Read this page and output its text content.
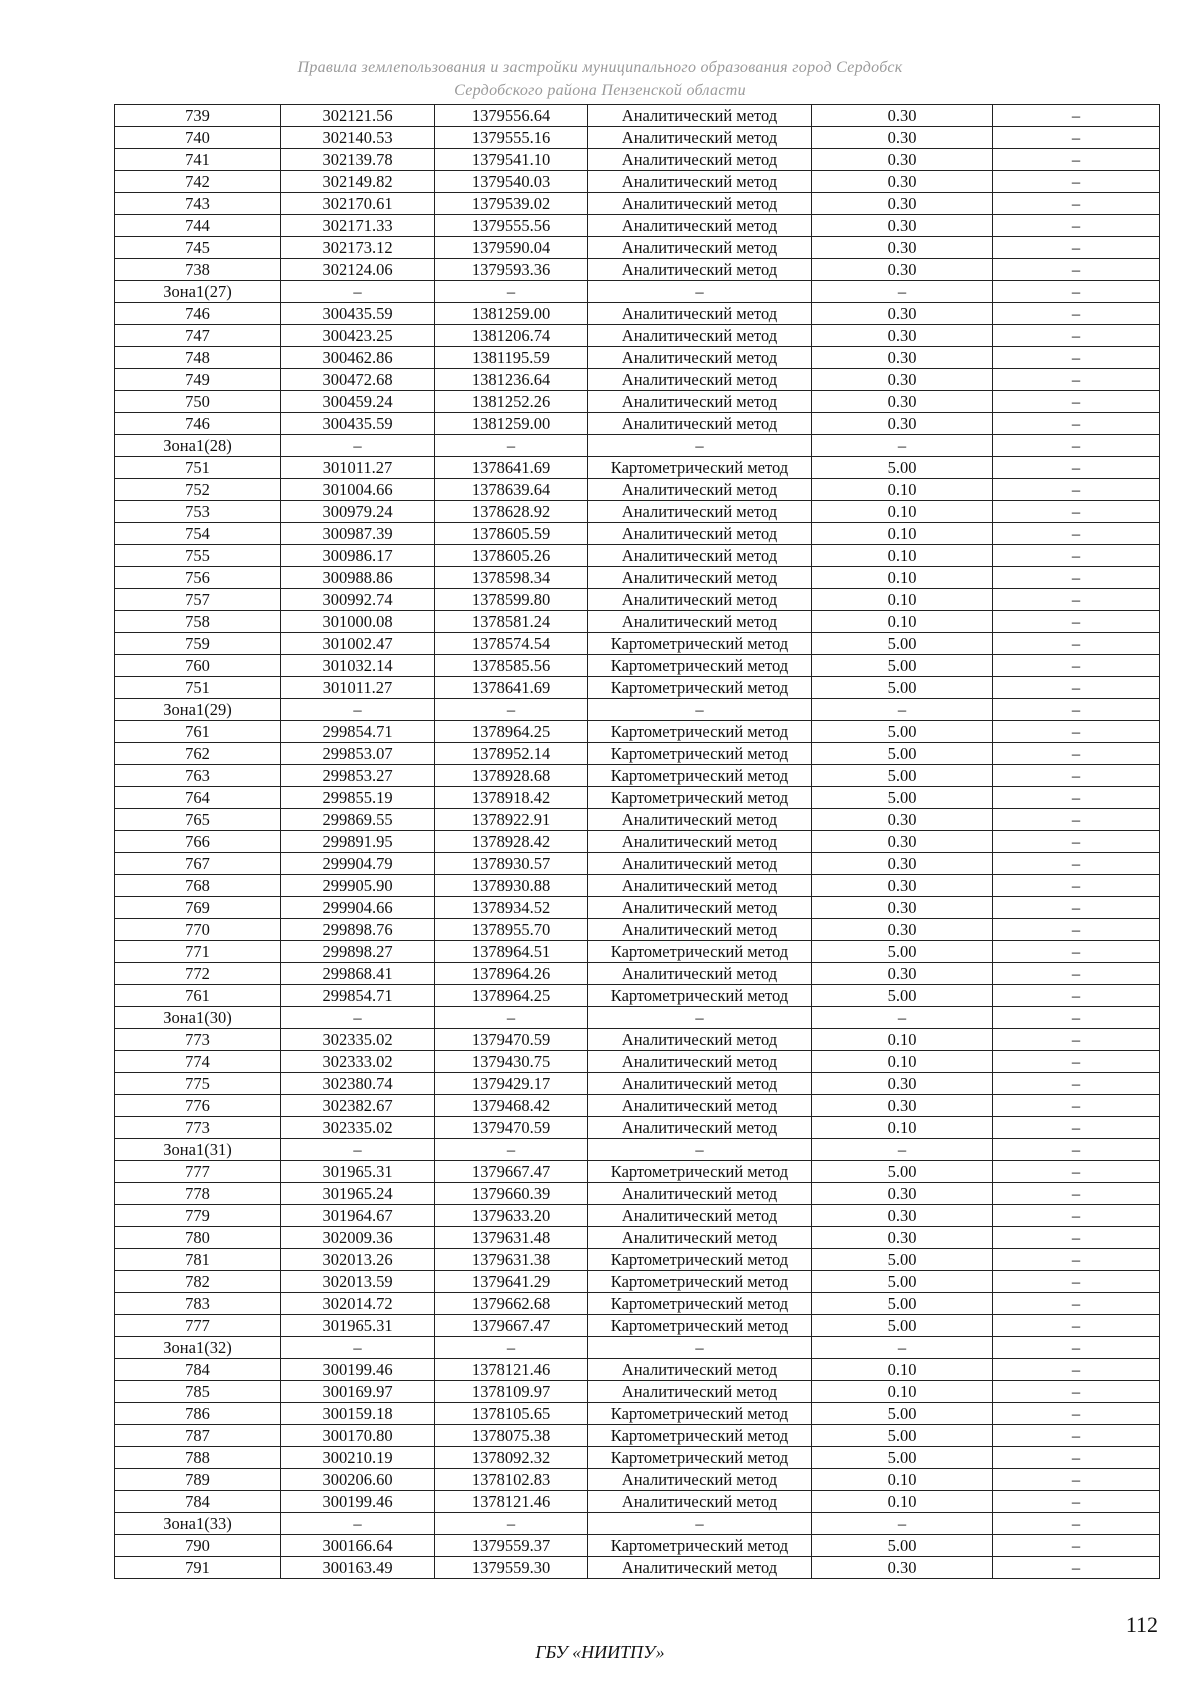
Правила землепользования и застройки муниципального образования город Сердобск
Сердобского района Пензенской области
739	302121.56	1379556.64	Аналитический метод	0.30	–
740	302140.53	1379555.16	Аналитический метод	0.30	–
741	302139.78	1379541.10	Аналитический метод	0.30	–
742	302149.82	1379540.03	Аналитический метод	0.30	–
743	302170.61	1379539.02	Аналитический метод	0.30	–
744	302171.33	1379555.56	Аналитический метод	0.30	–
745	302173.12	1379590.04	Аналитический метод	0.30	–
738	302124.06	1379593.36	Аналитический метод	0.30	–
Зона1(27)	–	–	–	–	–
746	300435.59	1381259.00	Аналитический метод	0.30	–
747	300423.25	1381206.74	Аналитический метод	0.30	–
748	300462.86	1381195.59	Аналитический метод	0.30	–
749	300472.68	1381236.64	Аналитический метод	0.30	–
750	300459.24	1381252.26	Аналитический метод	0.30	–
746	300435.59	1381259.00	Аналитический метод	0.30	–
Зона1(28)	–	–	–	–	–
751	301011.27	1378641.69	Картометрический метод	5.00	–
752	301004.66	1378639.64	Аналитический метод	0.10	–
753	300979.24	1378628.92	Аналитический метод	0.10	–
754	300987.39	1378605.59	Аналитический метод	0.10	–
755	300986.17	1378605.26	Аналитический метод	0.10	–
756	300988.86	1378598.34	Аналитический метод	0.10	–
757	300992.74	1378599.80	Аналитический метод	0.10	–
758	301000.08	1378581.24	Аналитический метод	0.10	–
759	301002.47	1378574.54	Картометрический метод	5.00	–
760	301032.14	1378585.56	Картометрический метод	5.00	–
751	301011.27	1378641.69	Картометрический метод	5.00	–
Зона1(29)	–	–	–	–	–
761	299854.71	1378964.25	Картометрический метод	5.00	–
762	299853.07	1378952.14	Картометрический метод	5.00	–
763	299853.27	1378928.68	Картометрический метод	5.00	–
764	299855.19	1378918.42	Картометрический метод	5.00	–
765	299869.55	1378922.91	Аналитический метод	0.30	–
766	299891.95	1378928.42	Аналитический метод	0.30	–
767	299904.79	1378930.57	Аналитический метод	0.30	–
768	299905.90	1378930.88	Аналитический метод	0.30	–
769	299904.66	1378934.52	Аналитический метод	0.30	–
770	299898.76	1378955.70	Аналитический метод	0.30	–
771	299898.27	1378964.51	Картометрический метод	5.00	–
772	299868.41	1378964.26	Аналитический метод	0.30	–
761	299854.71	1378964.25	Картометрический метод	5.00	–
Зона1(30)	–	–	–	–	–
773	302335.02	1379470.59	Аналитический метод	0.10	–
774	302333.02	1379430.75	Аналитический метод	0.10	–
775	302380.74	1379429.17	Аналитический метод	0.30	–
776	302382.67	1379468.42	Аналитический метод	0.30	–
773	302335.02	1379470.59	Аналитический метод	0.10	–
Зона1(31)	–	–	–	–	–
777	301965.31	1379667.47	Картометрический метод	5.00	–
778	301965.24	1379660.39	Аналитический метод	0.30	–
779	301964.67	1379633.20	Аналитический метод	0.30	–
780	302009.36	1379631.48	Аналитический метод	0.30	–
781	302013.26	1379631.38	Картометрический метод	5.00	–
782	302013.59	1379641.29	Картометрический метод	5.00	–
783	302014.72	1379662.68	Картометрический метод	5.00	–
777	301965.31	1379667.47	Картометрический метод	5.00	–
Зона1(32)	–	–	–	–	–
784	300199.46	1378121.46	Аналитический метод	0.10	–
785	300169.97	1378109.97	Аналитический метод	0.10	–
786	300159.18	1378105.65	Картометрический метод	5.00	–
787	300170.80	1378075.38	Картометрический метод	5.00	–
788	300210.19	1378092.32	Картометрический метод	5.00	–
789	300206.60	1378102.83	Аналитический метод	0.10	–
784	300199.46	1378121.46	Аналитический метод	0.10	–
Зона1(33)	–	–	–	–	–
790	300166.64	1379559.37	Картометрический метод	5.00	–
791	300163.49	1379559.30	Аналитический метод	0.30	–
112
ГБУ «НИИТПУ»
